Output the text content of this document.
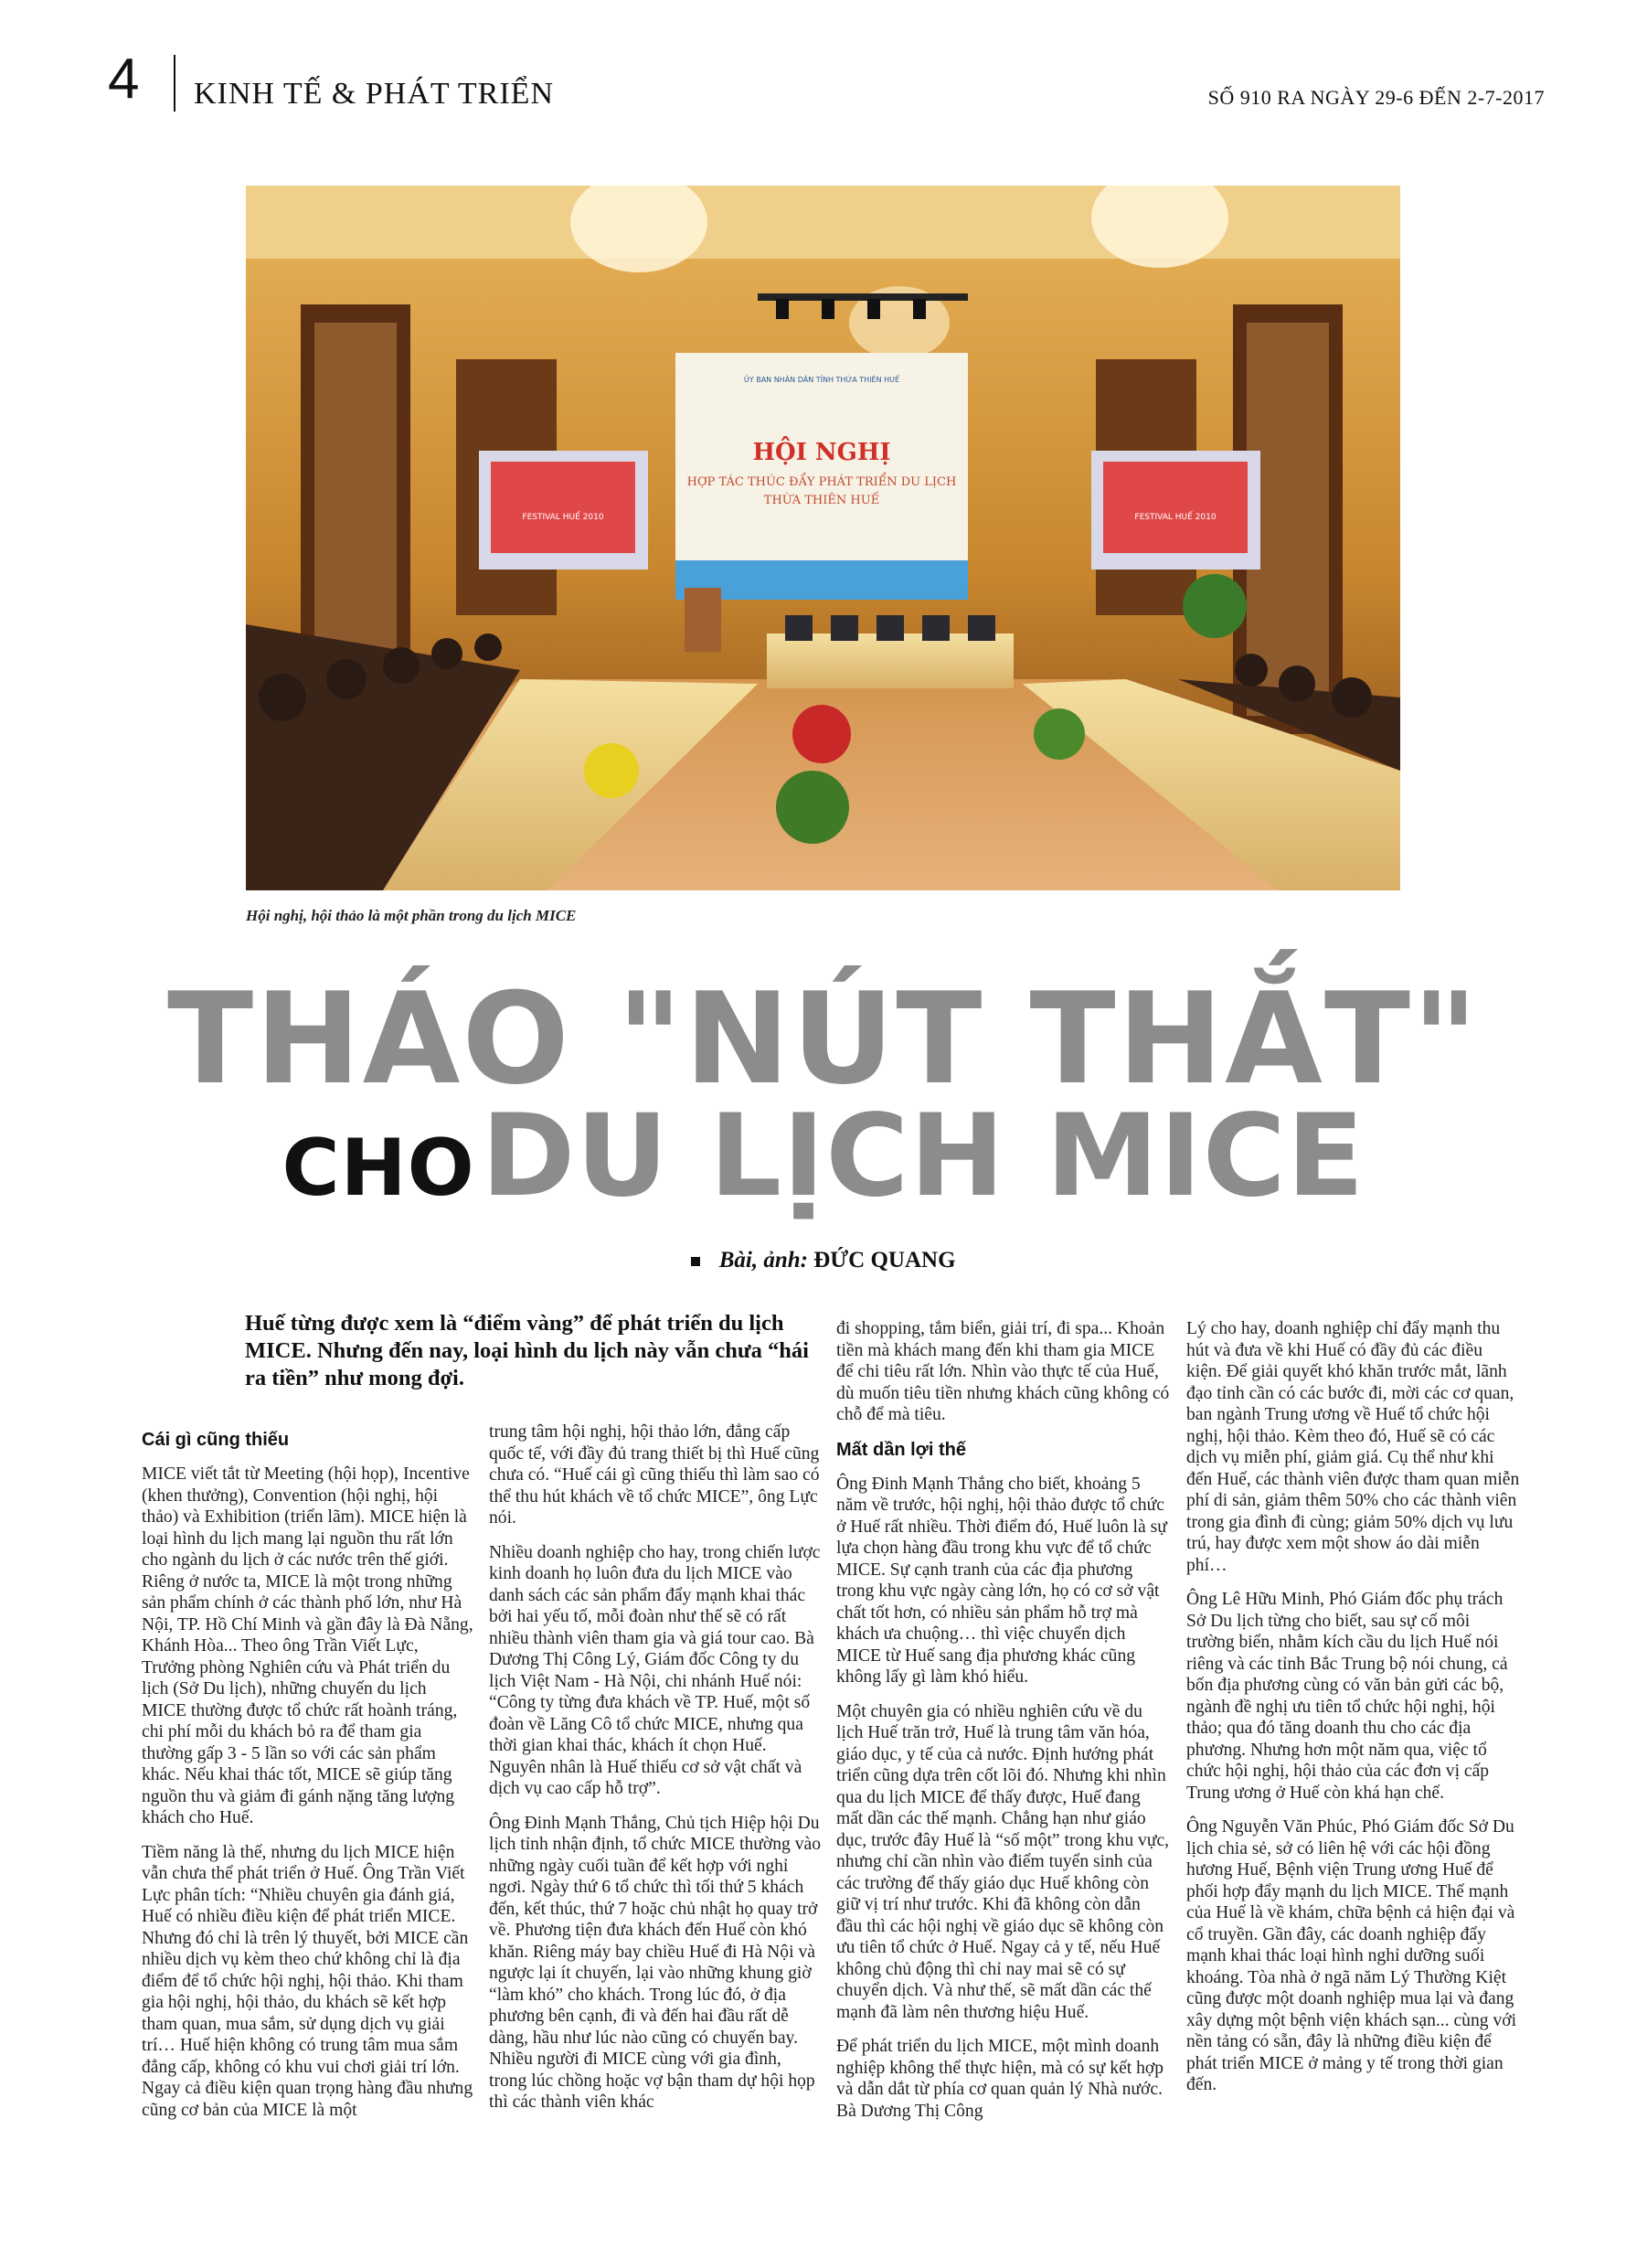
4 KINH TẾ & PHÁT TRIỂN	SỐ 910 RA NGÀY 29-6 ĐẾN 2-7-2017
FESTIVAL HUẾ 2010	FESTIVAL HUẾ 2010
ỦY BAN NHÂN DÂN TỈNH THỪA THIÊN HUẾ
HỘI NGHỊ
HỢP TÁC THÚC ĐẨY PHÁT TRIỂN DU LỊCH
THỪA THIÊN HUẾ
Hội nghị, hội thảo là một phần trong du lịch MICE
THÁO "NÚT THẮT"
CHO DU LỊCH MICE
Bài, ảnh: ĐỨC QUANG
Huế từng được xem là “điểm vàng” để phát triển du lịch MICE. Nhưng đến nay, loại hình du lịch này vẫn chưa “hái ra tiền” như mong đợi.
Cái gì cũng thiếu

MICE viết tắt từ Meeting (hội họp), Incentive (khen thưởng), Convention (hội nghị, hội thảo) và Exhibition (triển lãm). MICE hiện là loại hình du lịch mang lại nguồn thu rất lớn cho ngành du lịch ở các nước trên thế giới. Riêng ở nước ta, MICE là một trong những sản phẩm chính ở các thành phố lớn, như Hà Nội, TP. Hồ Chí Minh và gần đây là Đà Nẵng, Khánh Hòa... Theo ông Trần Viết Lực, Trưởng phòng Nghiên cứu và Phát triển du lịch (Sở Du lịch), những chuyến du lịch MICE thường được tổ chức rất hoành tráng, chi phí mỗi du khách bỏ ra để tham gia thường gấp 3 - 5 lần so với các sản phẩm khác. Nếu khai thác tốt, MICE sẽ giúp tăng nguồn thu và giảm đi gánh nặng tăng lượng khách cho Huế.

Tiềm năng là thế, nhưng du lịch MICE hiện vẫn chưa thể phát triển ở Huế. Ông Trần Viết Lực phân tích: “Nhiều chuyên gia đánh giá, Huế có nhiều điều kiện để phát triển MICE. Nhưng đó chỉ là trên lý thuyết, bởi MICE cần nhiều dịch vụ kèm theo chứ không chỉ là địa điểm để tổ chức hội nghị, hội thảo. Khi tham gia hội nghị, hội thảo, du khách sẽ kết hợp tham quan, mua sắm, sử dụng dịch vụ giải trí… Huế hiện không có trung tâm mua sắm đẳng cấp, không có khu vui chơi giải trí lớn. Ngay cả điều kiện quan trọng hàng đầu nhưng cũng cơ bản của MICE là một

trung tâm hội nghị, hội thảo lớn, đẳng cấp quốc tế, với đầy đủ trang thiết bị thì Huế cũng chưa có. “Huế cái gì cũng thiếu thì làm sao có thể thu hút khách về tổ chức MICE”, ông Lực nói.

Nhiều doanh nghiệp cho hay, trong chiến lược kinh doanh họ luôn đưa du lịch MICE vào danh sách các sản phẩm đẩy mạnh khai thác bởi hai yếu tố, mỗi đoàn như thế sẽ có rất nhiều thành viên tham gia và giá tour cao. Bà Dương Thị Công Lý, Giám đốc Công ty du lịch Việt Nam - Hà Nội, chi nhánh Huế nói: “Công ty từng đưa khách về TP. Huế, một số đoàn về Lăng Cô tổ chức MICE, nhưng qua thời gian khai thác, khách ít chọn Huế. Nguyên nhân là Huế thiếu cơ sở vật chất và dịch vụ cao cấp hỗ trợ”.

Ông Đinh Mạnh Thắng, Chủ tịch Hiệp hội Du lịch tỉnh nhận định, tổ chức MICE thường vào những ngày cuối tuần để kết hợp với nghỉ ngơi. Ngày thứ 6 tổ chức thì tối thứ 5 khách đến, kết thúc, thứ 7 hoặc chủ nhật họ quay trở về. Phương tiện đưa khách đến Huế còn khó khăn. Riêng máy bay chiều Huế đi Hà Nội và ngược lại ít chuyến, lại vào những khung giờ “làm khó” cho khách. Trong lúc đó, ở địa phương bên cạnh, đi và đến hai đầu rất dễ dàng, hầu như lúc nào cũng có chuyến bay. Nhiều người đi MICE cùng với gia đình, trong lúc chồng hoặc vợ bận tham dự hội họp thì các thành viên khác

đi shopping, tắm biển, giải trí, đi spa... Khoản tiền mà khách mang đến khi tham gia MICE để chi tiêu rất lớn. Nhìn vào thực tế của Huế, dù muốn tiêu tiền nhưng khách cũng không có chỗ để mà tiêu.

Mất dần lợi thế

Ông Đinh Mạnh Thắng cho biết, khoảng 5 năm về trước, hội nghị, hội thảo được tổ chức ở Huế rất nhiều. Thời điểm đó, Huế luôn là sự lựa chọn hàng đầu trong khu vực để tổ chức MICE. Sự cạnh tranh của các địa phương trong khu vực ngày càng lớn, họ có cơ sở vật chất tốt hơn, có nhiều sản phẩm hỗ trợ mà khách ưa chuộng… thì việc chuyển dịch MICE từ Huế sang địa phương khác cũng không lấy gì làm khó hiểu.

Một chuyên gia có nhiều nghiên cứu về du lịch Huế trăn trở, Huế là trung tâm văn hóa, giáo dục, y tế của cả nước. Định hướng phát triển cũng dựa trên cốt lõi đó. Nhưng khi nhìn qua du lịch MICE để thấy được, Huế đang mất dần các thế mạnh. Chẳng hạn như giáo dục, trước đây Huế là “số một” trong khu vực, nhưng chỉ cần nhìn vào điểm tuyển sinh của các trường để thấy giáo dục Huế không còn giữ vị trí như trước. Khi đã không còn dẫn đầu thì các hội nghị về giáo dục sẽ không còn ưu tiên tổ chức ở Huế. Ngay cả y tế, nếu Huế không chủ động thì chỉ nay mai sẽ có sự chuyển dịch. Và như thế, sẽ mất dần các thế mạnh đã làm nên thương hiệu Huế.

Để phát triển du lịch MICE, một mình doanh nghiệp không thể thực hiện, mà có sự kết hợp và dẫn dắt từ phía cơ quan quản lý Nhà nước. Bà Dương Thị Công

Lý cho hay, doanh nghiệp chỉ đẩy mạnh thu hút và đưa về khi Huế có đầy đủ các điều kiện. Để giải quyết khó khăn trước mắt, lãnh đạo tỉnh cần có các bước đi, mời các cơ quan, ban ngành Trung ương về Huế tổ chức hội nghị, hội thảo. Kèm theo đó, Huế sẽ có các dịch vụ miễn phí, giảm giá. Cụ thể như khi đến Huế, các thành viên được tham quan miễn phí di sản, giảm thêm 50% cho các thành viên trong gia đình đi cùng; giảm 50% dịch vụ lưu trú, hay được xem một show áo dài miễn phí…

Ông Lê Hữu Minh, Phó Giám đốc phụ trách Sở Du lịch từng cho biết, sau sự cố môi trường biển, nhằm kích cầu du lịch Huế nói riêng và các tỉnh Bắc Trung bộ nói chung, cả bốn địa phương cùng có văn bản gửi các bộ, ngành đề nghị ưu tiên tổ chức hội nghị, hội thảo; qua đó tăng doanh thu cho các địa phương. Nhưng hơn một năm qua, việc tổ chức hội nghị, hội thảo của các đơn vị cấp Trung ương ở Huế còn khá hạn chế.

Ông Nguyễn Văn Phúc, Phó Giám đốc Sở Du lịch chia sẻ, sở có liên hệ với các hội đồng hương Huế, Bệnh viện Trung ương Huế để phối hợp đẩy mạnh du lịch MICE. Thế mạnh của Huế là về khám, chữa bệnh cả hiện đại và cổ truyền. Gần đây, các doanh nghiệp đẩy mạnh khai thác loại hình nghỉ dưỡng suối khoáng. Tòa nhà ở ngã năm Lý Thường Kiệt cũng được một doanh nghiệp mua lại và đang xây dựng một bệnh viện khách sạn... cùng với nền tảng có sẵn, đây là những điều kiện để phát triển MICE ở mảng y tế trong thời gian đến.
